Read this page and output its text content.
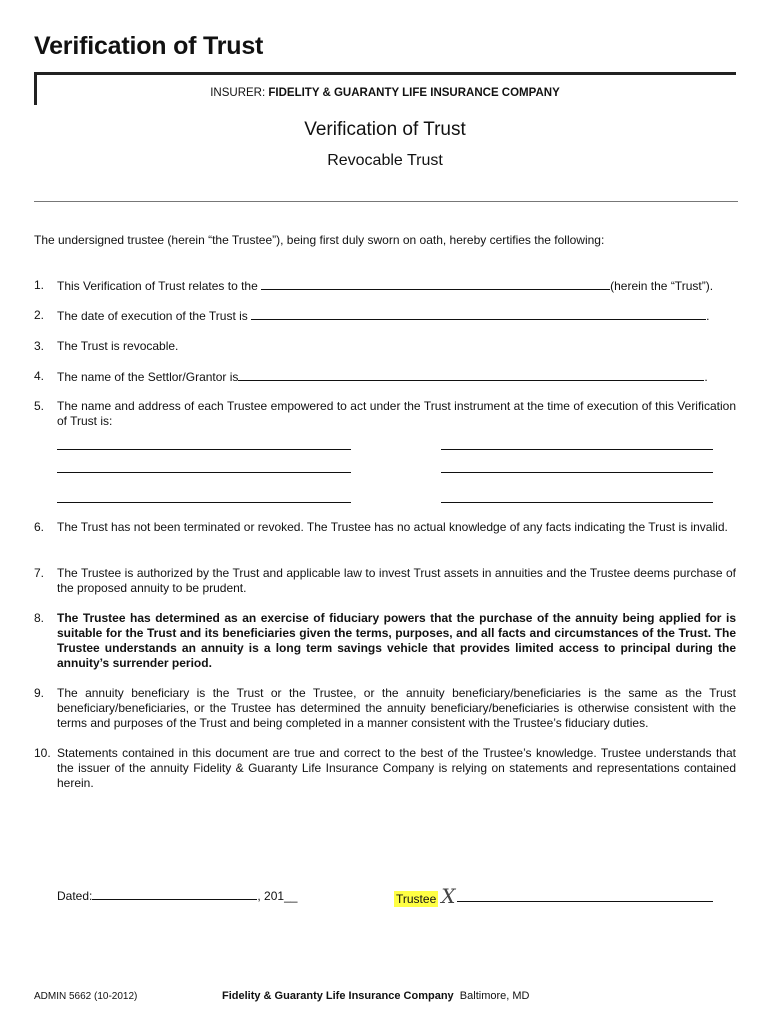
Verification of Trust
INSURER: FIDELITY & GUARANTY LIFE INSURANCE COMPANY
Verification of Trust
Revocable Trust
The undersigned trustee (herein “the Trustee”), being first duly sworn on oath, hereby certifies the following:
1.	This Verification of Trust relates to the	(herein the “Trust”).
2.	The date of execution of the Trust is	.
3.	The Trust is revocable.
4.	The name of the Settlor/Grantor is	.
5.	The name and address of each Trustee empowered to act under the Trust instrument at the time of execution of this Verification of Trust is:
6.	The Trust has not been terminated or revoked. The Trustee has no actual knowledge of any facts indicating the Trust is invalid.
7.	The Trustee is authorized by the Trust and applicable law to invest Trust assets in annuities and the Trustee deems purchase of the proposed annuity to be prudent.
8.	The Trustee has determined as an exercise of fiduciary powers that the purchase of the annuity being applied for is suitable for the Trust and its beneficiaries given the terms, purposes, and all facts and circumstances of the Trust. The Trustee understands an annuity is a long term savings vehicle that provides limited access to principal during the annuity’s surrender period.
9.	The annuity beneficiary is the Trust or the Trustee, or the annuity beneficiary/beneficiaries is the same as the Trust beneficiary/beneficiaries, or the Trustee has determined the annuity beneficiary/beneficiaries is otherwise consistent with the terms and purposes of the Trust and being completed in a manner consistent with the Trustee’s fiduciary duties.
10. Statements contained in this document are true and correct to the best of the Trustee’s knowledge. Trustee understands that the issuer of the annuity Fidelity & Guaranty Life Insurance Company is relying on statements and representations contained herein.
Dated:	, 201__	Trustee X
ADMIN 5662 (10-2012)	Fidelity & Guaranty Life Insurance Company Baltimore, MD
